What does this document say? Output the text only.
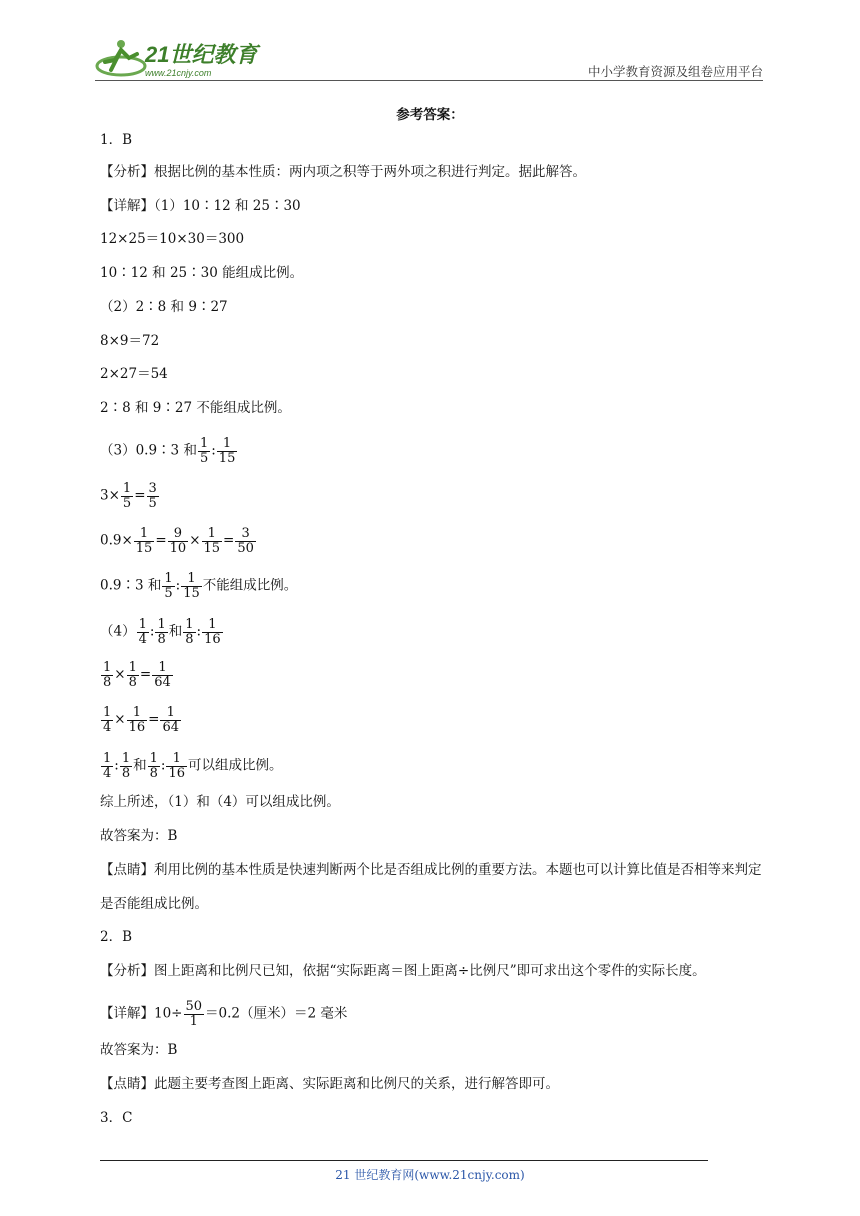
21世纪教育
www.21cnjy.com	中小学教育资源及组卷应用平台
参考答案：
1．B
【分析】根据比例的基本性质：两内项之积等于两外项之积进行判定。据此解答。
【详解】（1）10∶12 和 25∶30
12×25＝10×30＝300
10∶12 和 25∶30 能组成比例。
（2）2∶8 和 9∶27
8×9＝72
2×27＝54
2∶8 和 9∶27 不能组成比例。
（3）0.9∶3 和 $\frac{1}{5}$ : $\frac{1}{15}$
$3\times \frac{1}{5} = \frac{3}{5}$
$0.9\times \frac{1}{15} = \frac{9}{10} \times \frac{1}{15} = \frac{3}{50}$
0.9∶3 和 $\frac{1}{5}$ : $\frac{1}{15}$ 不能组成比例。
$(4) \frac{1}{4}$ : $\frac{1}{8}$ 和 $\frac{1}{8}$ : $\frac{1}{16}$
$\frac{1}{8} \times \frac{1}{8} = \frac{1}{64}$
$\frac{1}{4} \times \frac{1}{16} = \frac{1}{64}$
$\frac{1}{4}$ : $\frac{1}{8}$ 和 $\frac{1}{8}$ : $\frac{1}{16}$ 可以组成比例。
综上所述，（1）和（4）可以组成比例。
故答案为：B
【点睛】利用比例的基本性质是快速判断两个比是否组成比例的重要方法。本题也可以计算比值是否相等来判定是否能组成比例。
2．B
【分析】图上距离和比例尺已知，依据“实际距离＝图上距离÷比例尺”即可求出这个零件的实际长度。
【详解】$10\div \frac{50}{1} =0.2$（厘米）＝2 毫米
故答案为：B
【点睛】此题主要考查图上距离、实际距离和比例尺的关系，进行解答即可。
3．C
21 世纪教育网(www.21cnjy.com)
